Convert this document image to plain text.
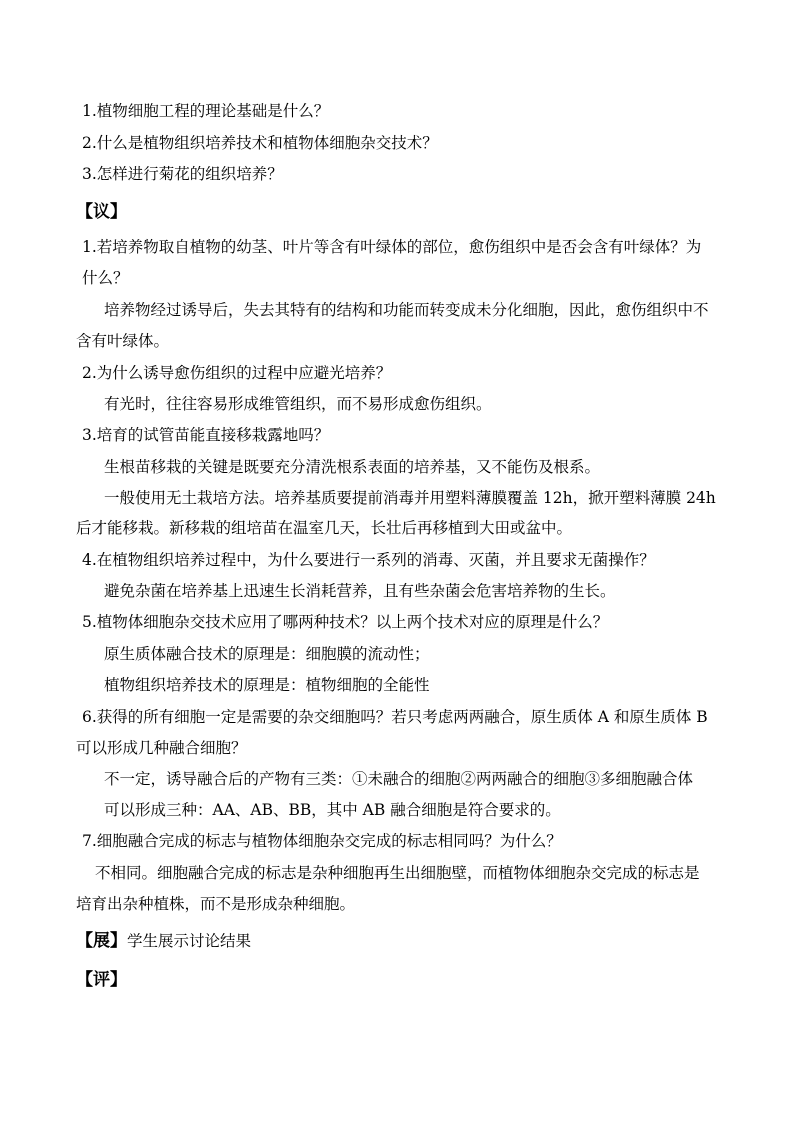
1.植物细胞工程的理论基础是什么？
2.什么是植物组织培养技术和植物体细胞杂交技术？
3.怎样进行菊花的组织培养？
【议】
1.若培养物取自植物的幼茎、叶片等含有叶绿体的部位，愈伤组织中是否会含有叶绿体？为
什么？
培养物经过诱导后，失去其特有的结构和功能而转变成未分化细胞，因此，愈伤组织中不
含有叶绿体。
2.为什么诱导愈伤组织的过程中应避光培养？
有光时，往往容易形成维管组织，而不易形成愈伤组织。
3.培育的试管苗能直接移栽露地吗？
生根苗移栽的关键是既要充分清洗根系表面的培养基，又不能伤及根系。
一般使用无土栽培方法。培养基质要提前消毒并用塑料薄膜覆盖 12h，掀开塑料薄膜 24h
后才能移栽。新移栽的组培苗在温室几天，长壮后再移植到大田或盆中。
4.在植物组织培养过程中，为什么要进行一系列的消毒、灭菌，并且要求无菌操作？
避免杂菌在培养基上迅速生长消耗营养，且有些杂菌会危害培养物的生长。
5.植物体细胞杂交技术应用了哪两种技术？以上两个技术对应的原理是什么？
原生质体融合技术的原理是：细胞膜的流动性；
植物组织培养技术的原理是：植物细胞的全能性
6.获得的所有细胞一定是需要的杂交细胞吗？若只考虑两两融合，原生质体 A 和原生质体 B
可以形成几种融合细胞？
不一定，诱导融合后的产物有三类：①未融合的细胞②两两融合的细胞③多细胞融合体
可以形成三种：AA、AB、BB，其中 AB 融合细胞是符合要求的。
7.细胞融合完成的标志与植物体细胞杂交完成的标志相同吗？为什么？
不相同。细胞融合完成的标志是杂种细胞再生出细胞壁，而植物体细胞杂交完成的标志是
培育出杂种植株，而不是形成杂种细胞。
【展】学生展示讨论结果
【评】
